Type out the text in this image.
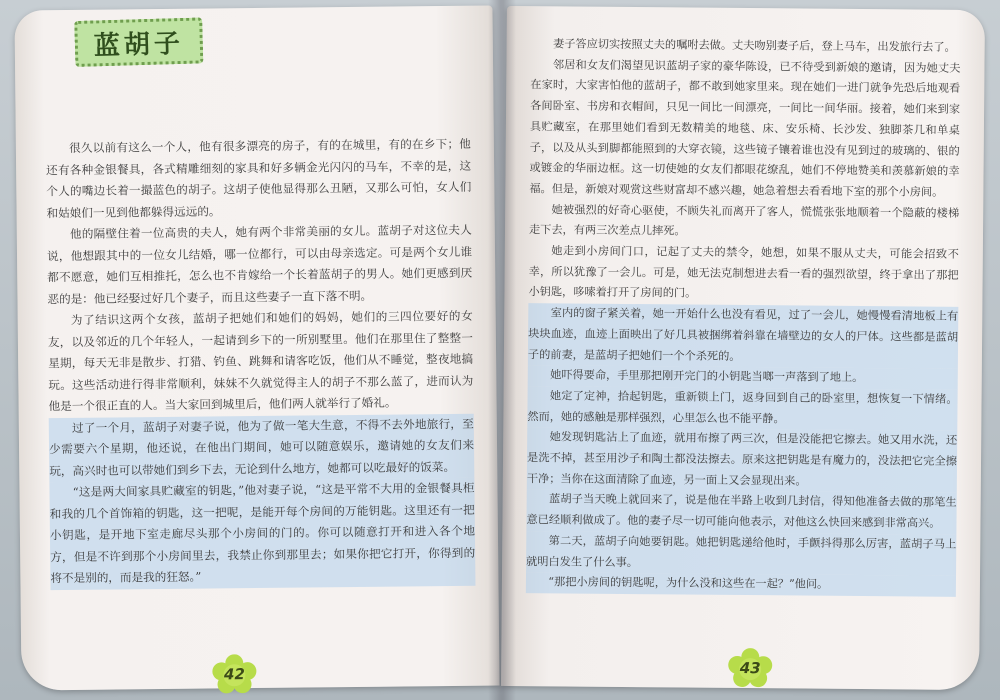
蓝胡子

很久以前有这么一个人，他有很多漂亮的房子，有的在城里，有的在乡下；他还有各种金银餐具，各式精雕细刻的家具和好多辆金光闪闪的马车，不幸的是，这个人的嘴边长着一撮蓝色的胡子。这胡子使他显得那么丑陋，又那么可怕，女人们和姑娘们一见到他都躲得远远的。

他的隔壁住着一位高贵的夫人，她有两个非常美丽的女儿。蓝胡子对这位夫人说，他想跟其中的一位女儿结婚，哪一位都行，可以由母亲选定。可是两个女儿谁都不愿意，她们互相推托，怎么也不肯嫁给一个长着蓝胡子的男人。她们更感到厌恶的是：他已经娶过好几个妻子，而且这些妻子一直下落不明。

为了结识这两个女孩，蓝胡子把她们和她们的妈妈，她们的三四位要好的女友，以及邻近的几个年轻人，一起请到乡下的一所别墅里。他们在那里住了整整一星期，每天无非是散步、打猎、钓鱼、跳舞和请客吃饭，他们从不睡觉，整夜地搞玩。这些活动进行得非常顺利，妹妹不久就觉得主人的胡子不那么蓝了，进而认为他是一个很正直的人。当大家回到城里后，他们两人就举行了婚礼。

过了一个月，蓝胡子对妻子说，他为了做一笔大生意，不得不去外地旅行，至少需要六个星期，他还说，在他出门期间，她可以随意娱乐，邀请她的女友们来玩，高兴时也可以带她们到乡下去，无论到什么地方，她都可以吃最好的饭菜。

“这是两大间家具贮藏室的钥匙，”他对妻子说，“这是平常不大用的金银餐具柜和我的几个首饰箱的钥匙，这一把呢，是能开每个房间的万能钥匙。这里还有一把小钥匙，是开地下室走廊尽头那个小房间的门的。你可以随意打开和进入各个地方，但是不许到那个小房间里去，我禁止你到那里去；如果你把它打开，你得到的将不是别的，而是我的狂怒。”

42

妻子答应切实按照丈夫的嘱咐去做。丈夫吻别妻子后，登上马车，出发旅行去了。

邻居和女友们渴望见识蓝胡子家的豪华陈设，已不待受到新娘的邀请，因为她丈夫在家时，大家害怕他的蓝胡子，都不敢到她家里来。现在她们一进门就争先恐后地观看各间卧室、书房和衣帽间，只见一间比一间漂亮，一间比一间华丽。接着，她们来到家具贮藏室，在那里她们看到无数精美的地毯、床、安乐椅、长沙发、独脚茶几和单桌子，以及从头到脚都能照到的大穿衣镜，这些镜子镶着谁也没有见到过的玻璃的、银的或镀金的华丽边框。这一切使她的女友们都眼花缭乱，她们不停地赞美和羡慕新娘的幸福。但是，新娘对观赏这些财富却不感兴趣，她急着想去看看地下室的那个小房间。

她被强烈的好奇心驱使，不顾失礼而离开了客人，慌慌张张地顺着一个隐蔽的楼梯走下去，有两三次差点儿摔死。

她走到小房间门口，记起了丈夫的禁令，她想，如果不服从丈夫，可能会招致不幸，所以犹豫了一会儿。可是，她无法克制想进去看一看的强烈欲望，终于拿出了那把小钥匙，哆嗦着打开了房间的门。

室内的窗子紧关着，她一开始什么也没有看见，过了一会儿，她慢慢看清地板上有块块血迹，血迹上面映出了好几具被捆绑着斜靠在墙壁边的女人的尸体。这些都是蓝胡子的前妻，是蓝胡子把她们一个个杀死的。

她吓得要命，手里那把刚开完门的小钥匙当啷一声落到了地上。

她定了定神，拾起钥匙，重新锁上门，返身回到自己的卧室里，想恢复一下情绪。然而，她的感触是那样强烈，心里怎么也不能平静。

她发现钥匙沾上了血迹，就用布擦了两三次，但是没能把它擦去。她又用水洗，还是洗不掉，甚至用沙子和陶土都没法擦去。原来这把钥匙是有魔力的，没法把它完全擦干净；当你在这面清除了血迹，另一面上又会显现出来。

蓝胡子当天晚上就回来了，说是他在半路上收到几封信，得知他准备去做的那笔生意已经顺利做成了。他的妻子尽一切可能向他表示，对他这么快回来感到非常高兴。

第二天，蓝胡子向她要钥匙。她把钥匙递给他时，手颤抖得那么厉害，蓝胡子马上就明白发生了什么事。

“那把小房间的钥匙呢，为什么没和这些在一起？”他问。

43
